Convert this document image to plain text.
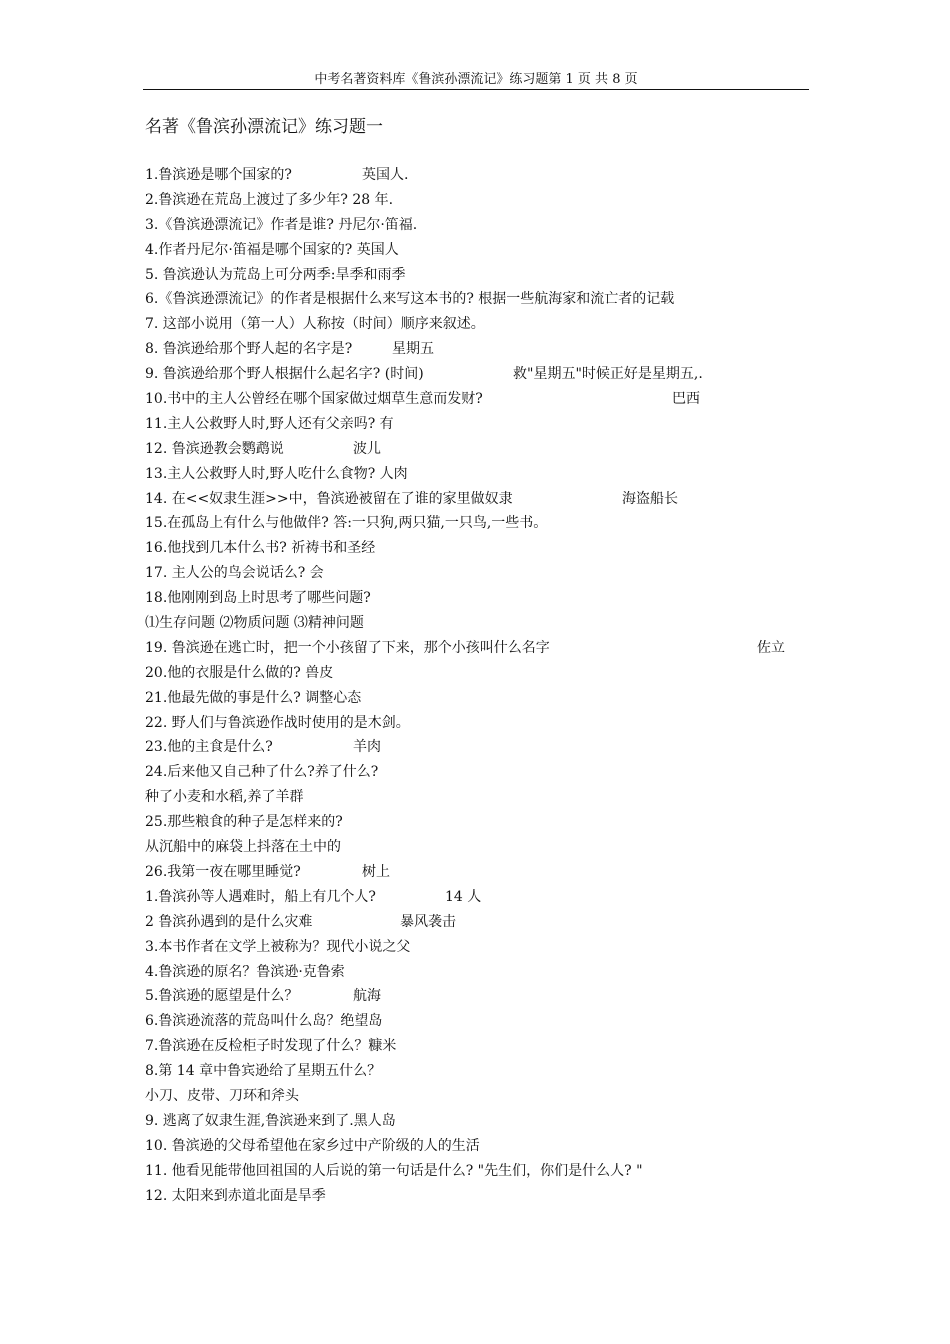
中考名著资料库《鲁滨孙漂流记》练习题第 1 页 共 8 页
名著《鲁滨孙漂流记》练习题一
1.鲁滨逊是哪个国家的?	英国人.
2.鲁滨逊在荒岛上渡过了多少年? 28 年.
3.《鲁滨逊漂流记》作者是谁? 丹尼尔·笛福.
4.作者丹尼尔·笛福是哪个国家的? 英国人
5. 鲁滨逊认为荒岛上可分两季:旱季和雨季
6.《鲁滨逊漂流记》的作者是根据什么来写这本书的? 根据一些航海家和流亡者的记载
7. 这部小说用（第一人）人称按（时间）顺序来叙述。
8. 鲁滨逊给那个野人起的名字是?	星期五
9. 鲁滨逊给那个野人根据什么起名字? (时间)	救"星期五"时候正好是星期五,.
10.书中的主人公曾经在哪个国家做过烟草生意而发财?	巴西
11.主人公救野人时,野人还有父亲吗? 有
12. 鲁滨逊教会鹦鹉说	波儿
13.主人公救野人时,野人吃什么食物? 人肉
14. 在<<奴隶生涯>>中，鲁滨逊被留在了谁的家里做奴隶	海盗船长
15.在孤岛上有什么与他做伴? 答:一只狗,两只猫,一只鸟,一些书。
16.他找到几本什么书? 祈祷书和圣经
17. 主人公的鸟会说话么? 会
18.他刚刚到岛上时思考了哪些问题?
⑴生存问题 ⑵物质问题 ⑶精神问题
19. 鲁滨逊在逃亡时，把一个小孩留了下来，那个小孩叫什么名字	佐立
20.他的衣服是什么做的? 兽皮
21.他最先做的事是什么? 调整心态
22. 野人们与鲁滨逊作战时使用的是木剑。
23.他的主食是什么?	羊肉
24.后来他又自己种了什么?养了什么?
种了小麦和水稻,养了羊群
25.那些粮食的种子是怎样来的?
从沉船中的麻袋上抖落在土中的
26.我第一夜在哪里睡觉?	树上
1.鲁滨孙等人遇难时，船上有几个人?	14 人
2 鲁滨孙遇到的是什么灾难	暴风袭击
3.本书作者在文学上被称为？现代小说之父
4.鲁滨逊的原名？鲁滨逊·克鲁索
5.鲁滨逊的愿望是什么？	航海
6.鲁滨逊流落的荒岛叫什么岛？绝望岛
7.鲁滨逊在反检柜子时发现了什么？糠米
8.第 14 章中鲁宾逊给了星期五什么？
小刀、皮带、刀环和斧头
9. 逃离了奴隶生涯,鲁滨逊来到了.黑人岛
10. 鲁滨逊的父母希望他在家乡过中产阶级的人的生活
11. 他看见能带他回祖国的人后说的第一句话是什么? "先生们，你们是什么人? "
12. 太阳来到赤道北面是旱季
